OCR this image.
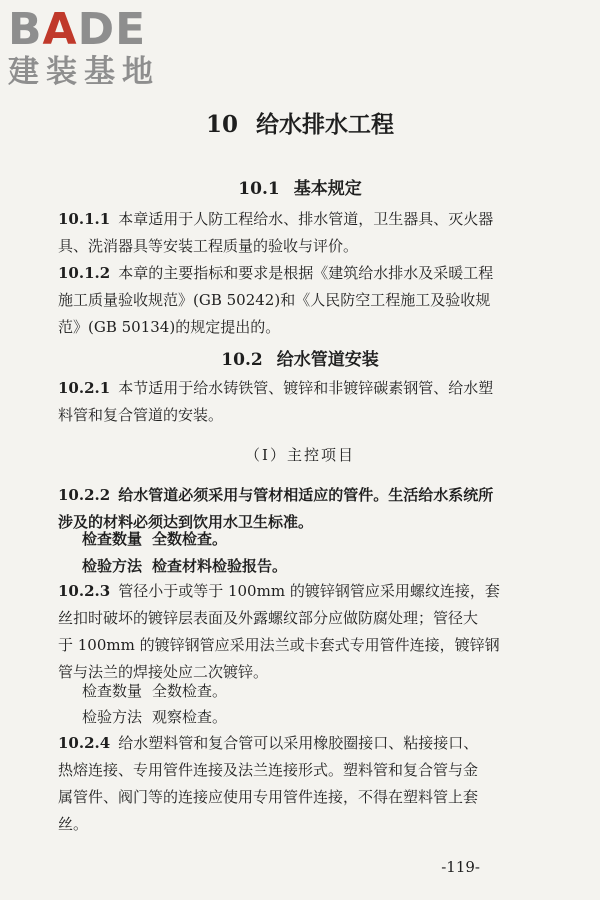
BADE
建装基地
10 给水排水工程
10.1 基本规定
10.1.1 本章适用于人防工程给水、排水管道，卫生器具、灭火器
具、洗消器具等安装工程质量的验收与评价。
10.1.2 本章的主要指标和要求是根据《建筑给水排水及采暖工程
施工质量验收规范》(GB 50242)和《人民防空工程施工及验收规
范》(GB 50134)的规定提出的。
10.2 给水管道安装
10.2.1 本节适用于给水铸铁管、镀锌和非镀锌碳素钢管、给水塑
料管和复合管道的安装。
（Ⅰ）主控项目
10.2.2 给水管道必须采用与管材相适应的管件。生活给水系统所
涉及的材料必须达到饮用水卫生标准。
检查数量 全数检查。
检验方法 检查材料检验报告。
10.2.3 管径小于或等于 100mm 的镀锌钢管应采用螺纹连接，套
丝扣时破坏的镀锌层表面及外露螺纹部分应做防腐处理；管径大
于 100mm 的镀锌钢管应采用法兰或卡套式专用管件连接，镀锌钢
管与法兰的焊接处应二次镀锌。
检查数量 全数检查。
检验方法 观察检查。
10.2.4 给水塑料管和复合管可以采用橡胶圈接口、粘接接口、
热熔连接、专用管件连接及法兰连接形式。塑料管和复合管与金
属管件、阀门等的连接应使用专用管件连接，不得在塑料管上套
丝。
-119-
